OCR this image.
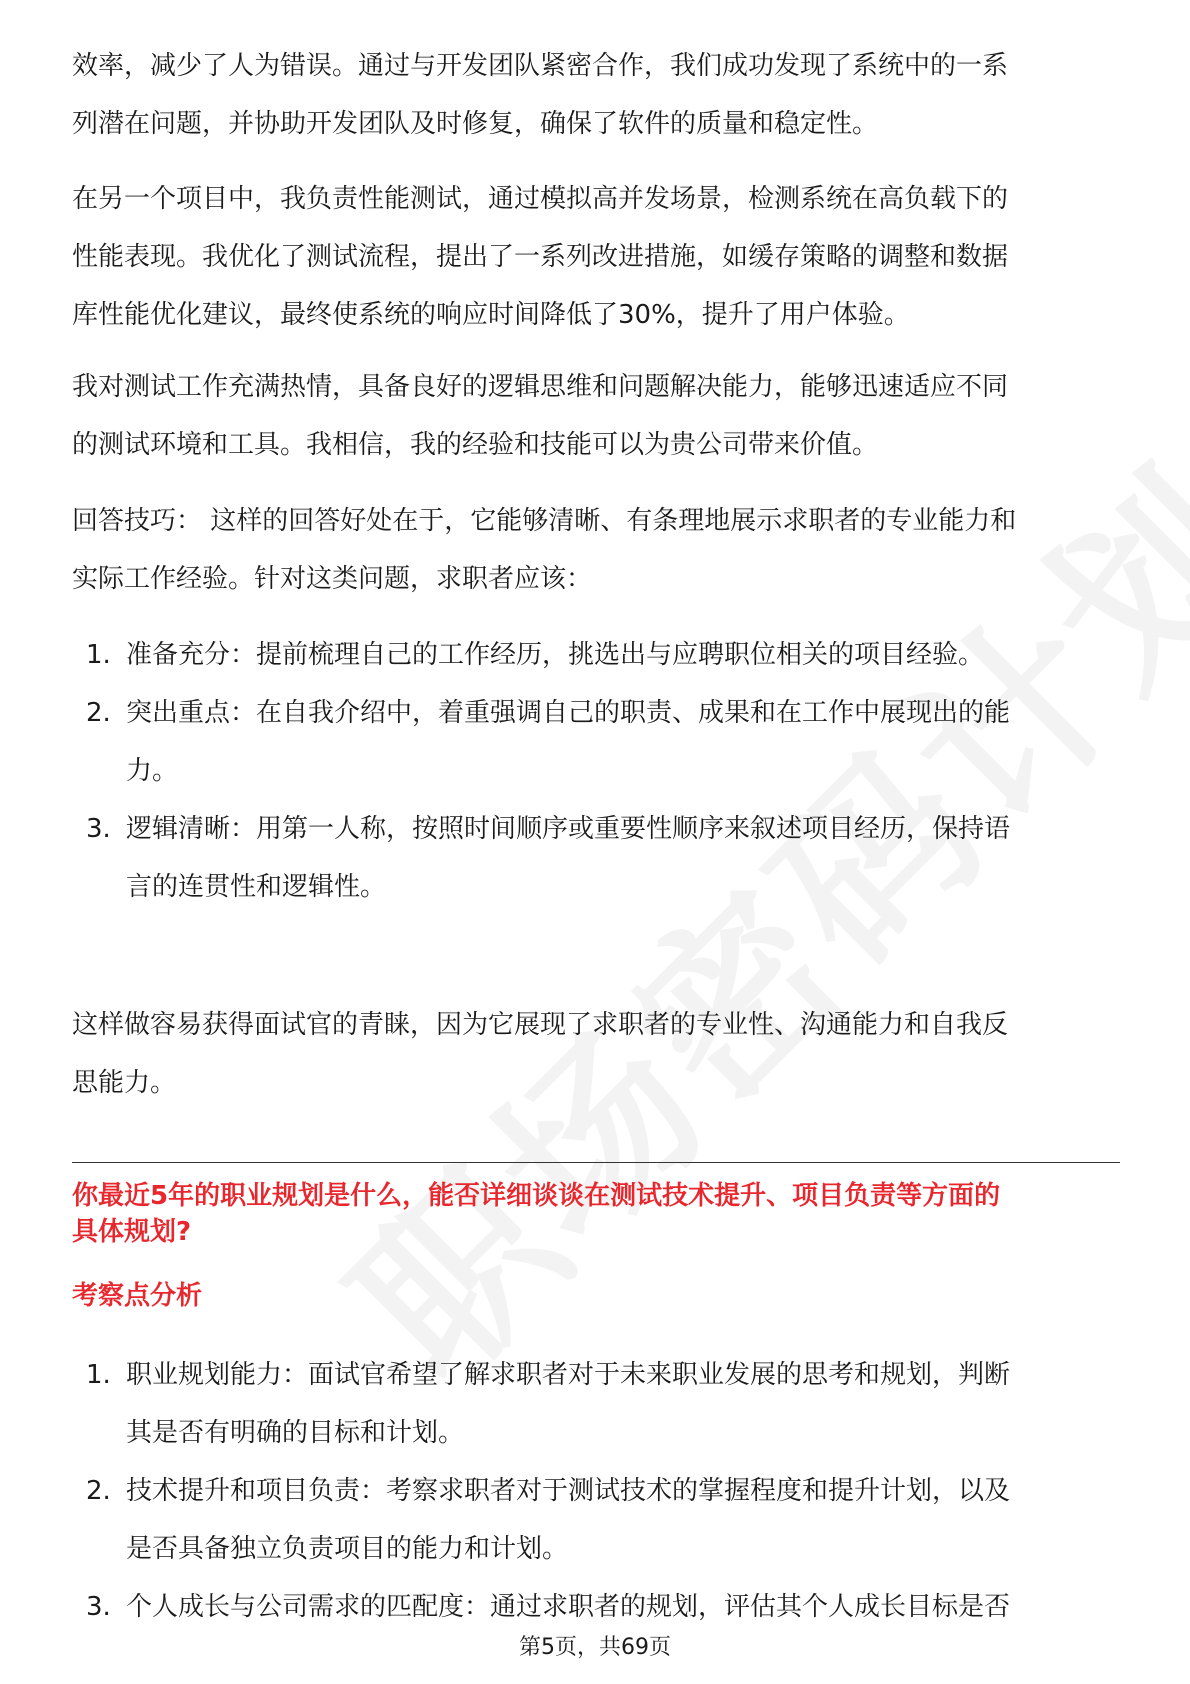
效率，减少了人为错误。通过与开发团队紧密合作，我们成功发现了系统中的一系
列潜在问题，并协助开发团队及时修复，确保了软件的质量和稳定性。

在另一个项目中，我负责性能测试，通过模拟高并发场景，检测系统在高负载下的
性能表现。我优化了测试流程，提出了一系列改进措施，如缓存策略的调整和数据
库性能优化建议，最终使系统的响应时间降低了30%，提升了用户体验。

我对测试工作充满热情，具备良好的逻辑思维和问题解决能力，能够迅速适应不同
的测试环境和工具。我相信，我的经验和技能可以为贵公司带来价值。

回答技巧： 这样的回答好处在于，它能够清晰、有条理地展示求职者的专业能力和
实际工作经验。针对这类问题，求职者应该：

1. 准备充分：提前梳理自己的工作经历，挑选出与应聘职位相关的项目经验。
2. 突出重点：在自我介绍中，着重强调自己的职责、成果和在工作中展现出的能
力。
3. 逻辑清晰：用第一人称，按照时间顺序或重要性顺序来叙述项目经历，保持语
言的连贯性和逻辑性。

这样做容易获得面试官的青睐，因为它展现了求职者的专业性、沟通能力和自我反
思能力。

你最近5年的职业规划是什么，能否详细谈谈在测试技术提升、项目负责等方面的
具体规划?
考察点分析
1. 职业规划能力：面试官希望了解求职者对于未来职业发展的思考和规划，判断
其是否有明确的目标和计划。
2. 技术提升和项目负责：考察求职者对于测试技术的掌握程度和提升计划，以及
是否具备独立负责项目的能力和计划。
3. 个人成长与公司需求的匹配度：通过求职者的规划，评估其个人成长目标是否
第5页，共69页
